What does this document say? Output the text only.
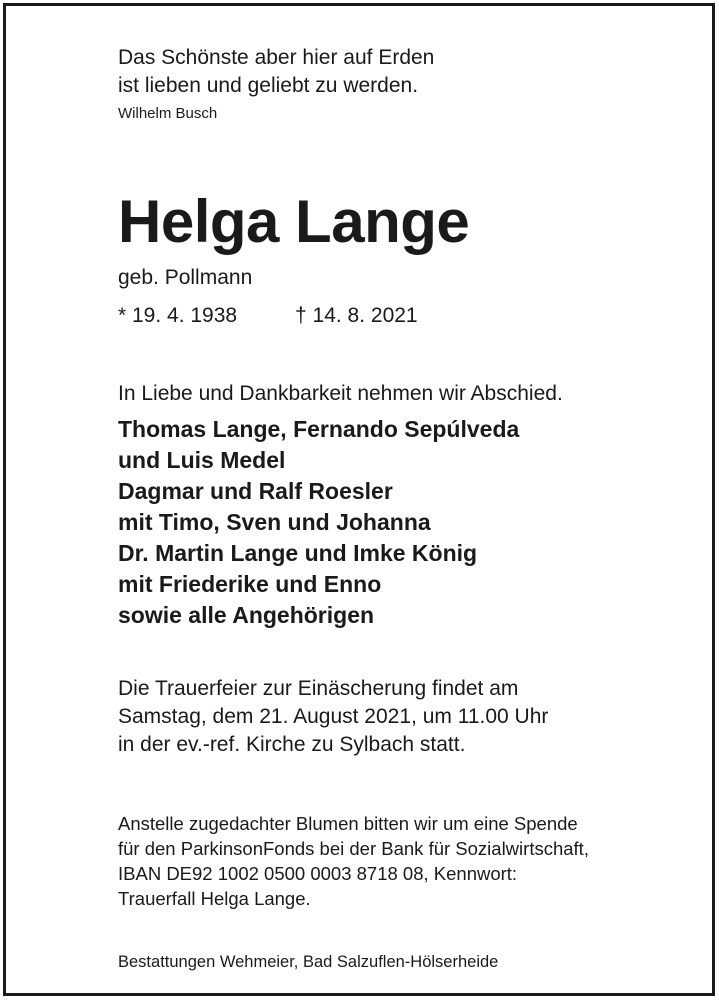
Das Schönste aber hier auf Erden

ist lieben und geliebt zu werden.

Wilhelm Busch
Helga Lange
geb. Pollmann
* 19. 4. 1938	† 14. 8. 2021
In Liebe und Dankbarkeit nehmen wir Abschied.
Thomas Lange, Fernando Sepúlveda
und Luis Medel
Dagmar und Ralf Roesler
mit Timo, Sven und Johanna
Dr. Martin Lange und Imke König
mit Friederike und Enno
sowie alle Angehörigen
Die Trauerfeier zur Einäscherung findet am
Samstag, dem 21. August 2021, um 11.00 Uhr
in der ev.-ref. Kirche zu Sylbach statt.
Anstelle zugedachter Blumen bitten wir um eine Spende
für den ParkinsonFonds bei der Bank für Sozialwirtschaft,
IBAN DE92 1002 0500 0003 8718 08, Kennwort:
Trauerfall Helga Lange.
Bestattungen Wehmeier, Bad Salzuflen-Hölserheide
